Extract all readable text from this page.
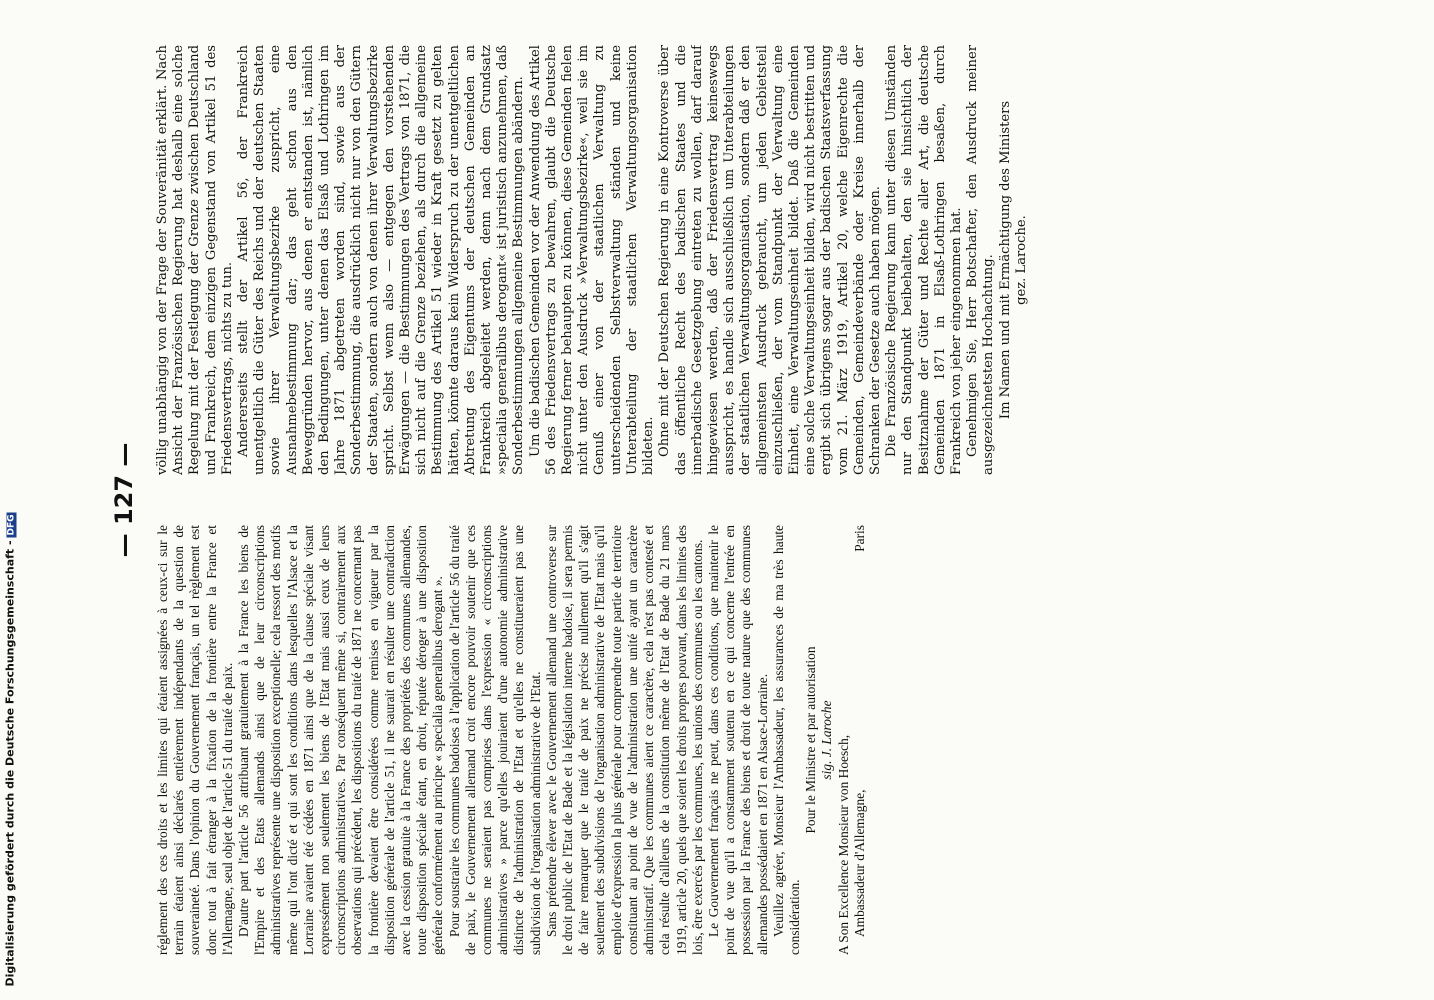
— 127 —

réglement des ces droits et les limites qui étaient assignées à ceux-ci sur le terrain étaient ainsi déclarés entièrement indépendants de la question de souveraineté. Dans l'opinion du Gouvernement français, un tel règlement est donc tout à fait étranger à la fixation de la frontière entre la France et l'Allemagne, seul objet de l'article 51 du traité de paix. D'autre part l'article 56 attribuant gratuitement à la France les biens de l'Empire et des Etats allemands ainsi que de leur circonscriptions administratives représente une disposition exceptionelle; cela ressort des motifs même qui l'ont dicté et qui sont les conditions dans lesquelles l'Alsace et la Lorraine avaient été cédées en 1871 ainsi que de la clause spéciale visant expressément non seulement les biens de l'Etat mais aussi ceux de leurs circonscriptions administratives. Par conséquent même si, contrairement aux observations qui précédent, les dispositions du traité de 1871 ne concernant pas la frontière devaient être considérées comme remises en vigueur par la disposition générale de l'article 51, il ne saurait en résulter une contradiction avec la cession gratuite à la France des propriétés des communes allemandes, toute disposition spéciale étant, en droit, réputée déroger à une disposition générale conformément au principe « specialia generalibus derogant ». Pour soustraire les communes badoises à l'application de l'article 56 du traité de paix, le Gouvernement allemand croit encore pouvoir soutenir que ces communes ne seraient pas comprises dans l'expression « circonscriptions administratives » parce qu'elles jouiraient d'une autonomie administrative distincte de l'administration de l'Etat et qu'elles ne constitueraient pas une subdivision de l'organisation administrative de l'Etat. Sans prétendre élever avec le Gouvernement allemand une controverse sur le droit public de l'Etat de Bade et la législation interne badoise, il sera permis de faire remarquer que le traité de paix ne précise nullement qu'il s'agit seulement des subdivisions de l'organisation administrative de l'Etat mais qu'il emploie d'expression la plus générale pour comprendre toute partie de territoire constituant au point de vue de l'administration une unité ayant un caractère administratif. Que les communes aient ce caractère, cela n'est pas contesté et cela résulte d'ailleurs de la constitution même de l'Etat de Bade du 21 mars 1919, article 20, quels que soient les droits propres pouvant, dans les limites des lois, être exercés par les communes, les unions des communes ou les cantons. Le Gouvernement français ne peut, dans ces conditions, que maintenir le point de vue qu'il a constamment soutenu en ce qui concerne l'entrée en possession par la France des biens et droit de toute nature que des communes allemandes possédaient en 1871 en Alsace-Lorraine. Veuillez agréer, Monsieur l'Ambassadeur, les assurances de ma très haute considération.

Pour le Ministre et par autorisation sig. J. Laroche A Son Excellence Monsieur von Hoesch, Ambassadeur d'Allemagne,
Paris

völlig unabhängig von der Frage der Souveränität erklärt. Nach Ansicht der Französischen Regierung hat deshalb eine solche Regelung mit der Festlegung der Grenze zwischen Deutschland und Frankreich, dem einzigen Gegenstand von Artikel 51 des Friedensvertrags, nichts zu tun. Andererseits stellt der Artikel 56, der Frankreich unentgeltlich die Güter des Reichs und der deutschen Staaten sowie ihrer Verwaltungsbezirke zuspricht, eine Ausnahmebestimmung dar; das geht schon aus den Beweggründen hervor, aus denen er entstanden ist, nämlich den Bedingungen, unter denen das Elsaß und Lothringen im Jahre 1871 abgetreten worden sind, sowie aus der Sonderbestimmung, die ausdrücklich nicht nur von den Gütern der Staaten, sondern auch von denen ihrer Verwaltungsbezirke spricht. Selbst wenn also — entgegen den vorstehenden Erwägungen — die Bestimmungen des Vertrags von 1871, die sich nicht auf die Grenze beziehen, als durch die allgemeine Bestimmung des Artikel 51 wieder in Kraft gesetzt zu gelten hätten, könnte daraus kein Widerspruch zu der unentgeltlichen Abtretung des Eigentums der deutschen Gemeinden an Frankreich abgeleitet werden, denn nach dem Grundsatz »specialia generalibus derogant« ist juristisch anzunehmen, daß Sonderbestimmungen allgemeine Bestimmungen abändern. Um die badischen Gemeinden vor der Anwendung des Artikel 56 des Friedensvertrags zu bewahren, glaubt die Deutsche Regierung ferner behaupten zu können, diese Gemeinden fielen nicht unter den Ausdruck »Verwaltungsbezirke«, weil sie im Genuß einer von der staatlichen Verwaltung zu unterscheidenden Selbstverwaltung ständen und keine Unterabteilung der staatlichen Verwaltungsorganisation bildeten. Ohne mit der Deutschen Regierung in eine Kontroverse über das öffentliche Recht des badischen Staates und die innerbadische Gesetzgebung eintreten zu wollen, darf darauf hingewiesen werden, daß der Friedensvertrag keineswegs ausspricht, es handle sich ausschließlich um Unterabteilungen der staatlichen Verwaltungsorganisation, sondern daß er den allgemeinsten Ausdruck gebraucht, um jeden Gebietsteil einzuschließen, der vom Standpunkt der Verwaltung eine Einheit, eine Verwaltungseinheit bildet. Daß die Gemeinden eine solche Verwaltungseinheit bilden, wird nicht bestritten und ergibt sich übrigens sogar aus der badischen Staatsverfassung vom 21. März 1919, Artikel 20, welche Eigenrechte die Gemeinden, Gemeindeverbände oder Kreise innerhalb der Schranken der Gesetze auch haben mögen. Die Französische Regierung kann unter diesen Umständen nur den Standpunkt beibehalten, den sie hinsichtlich der Besitznahme der Güter und Rechte aller Art, die deutsche Gemeinden 1871 in Elsaß-Lothringen besaßen, durch Frankreich von jeher eingenommen hat. Genehmigen Sie, Herr Botschafter, den Ausdruck meiner ausgezeichnetsten Hochachtung. Im Namen und mit Ermächtigung des Ministers gez. Laroche.

Digitalisierung gefördert durch die Deutsche Forschungsgemeinschaft -DFG
